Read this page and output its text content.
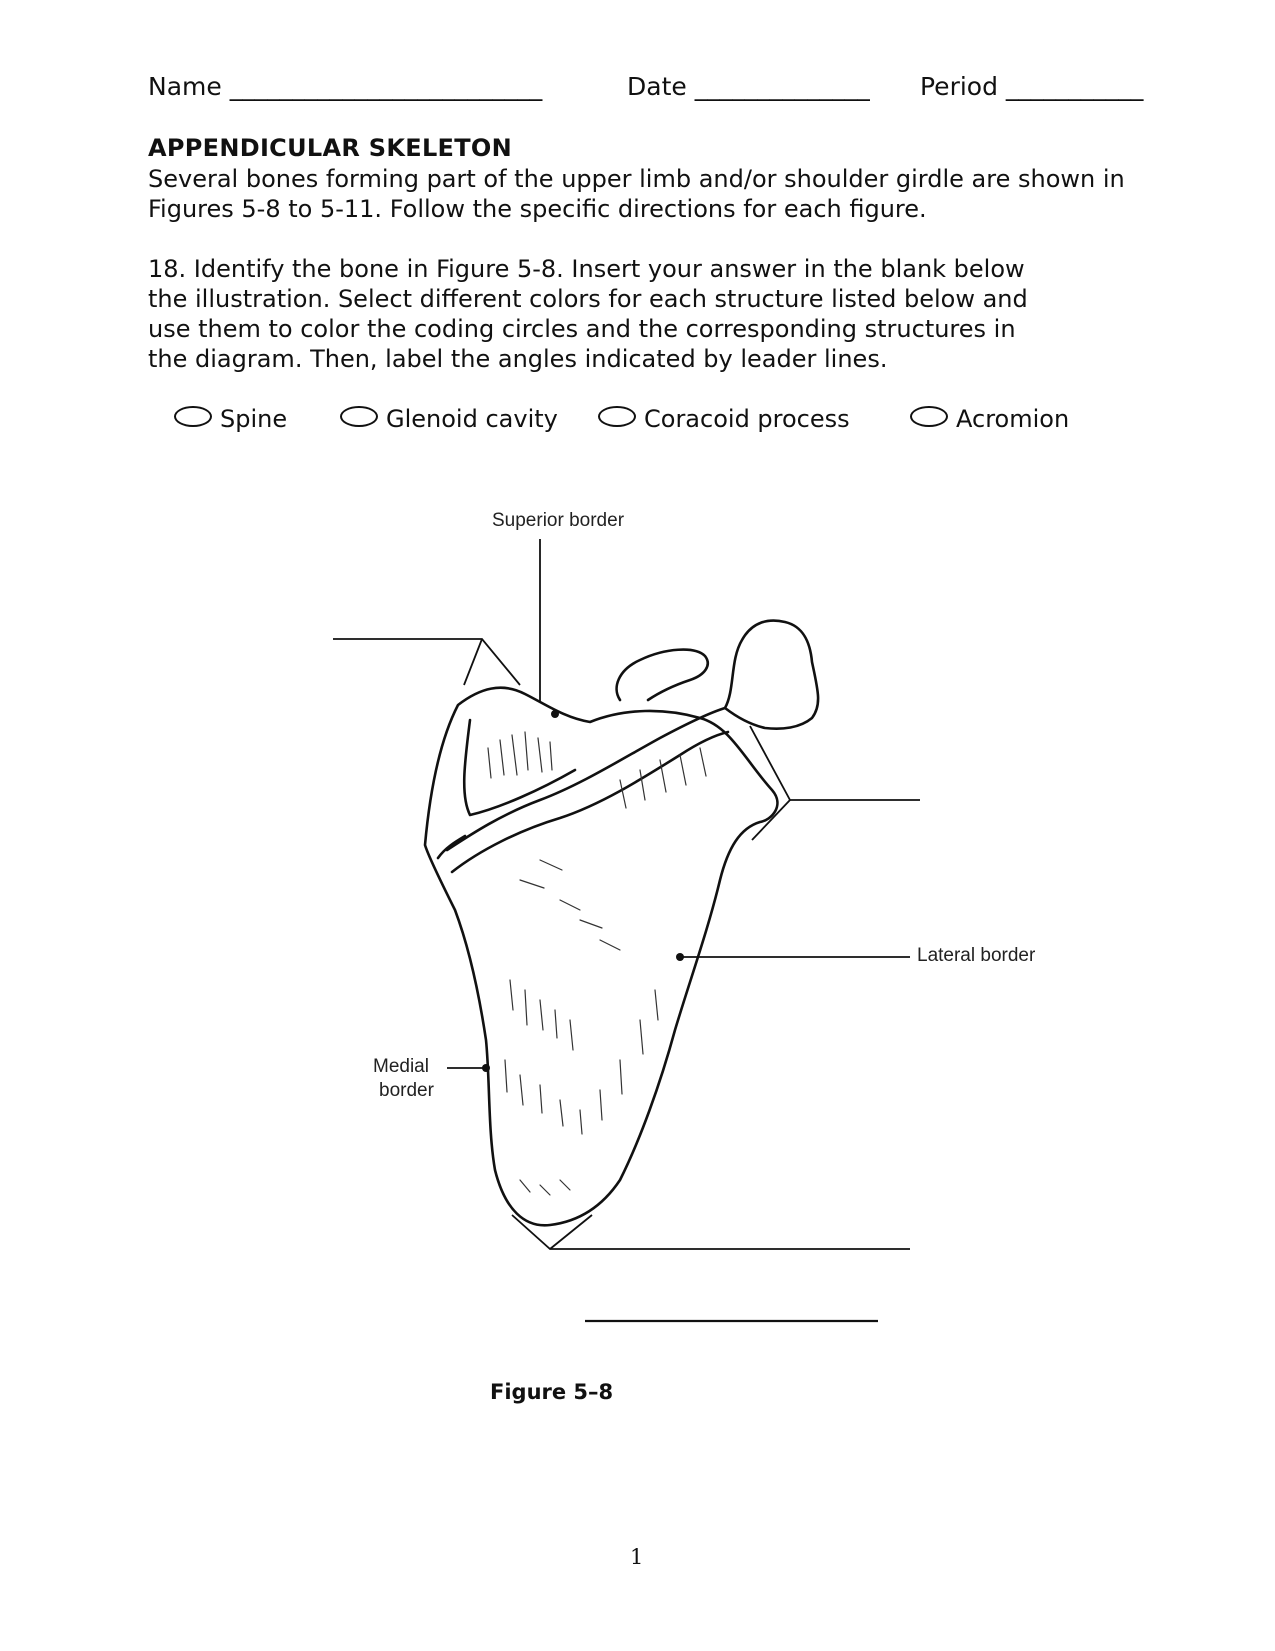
Name _________________________	Date ______________ Period ___________
APPENDICULAR SKELETON
Several bones forming part of the upper limb and/or shoulder girdle are shown in
Figures 5-8 to 5-11. Follow the specific directions for each figure.
18. Identify the bone in Figure 5-8. Insert your answer in the blank below
the illustration. Select different colors for each structure listed below and
use them to color the coding circles and the corresponding structures in
the diagram. Then, label the angles indicated by leader lines.
Spine	Glenoid cavity	Coracoid process	Acromion
Superior border
Lateral border
Medial
border
Figure 5–8
1
